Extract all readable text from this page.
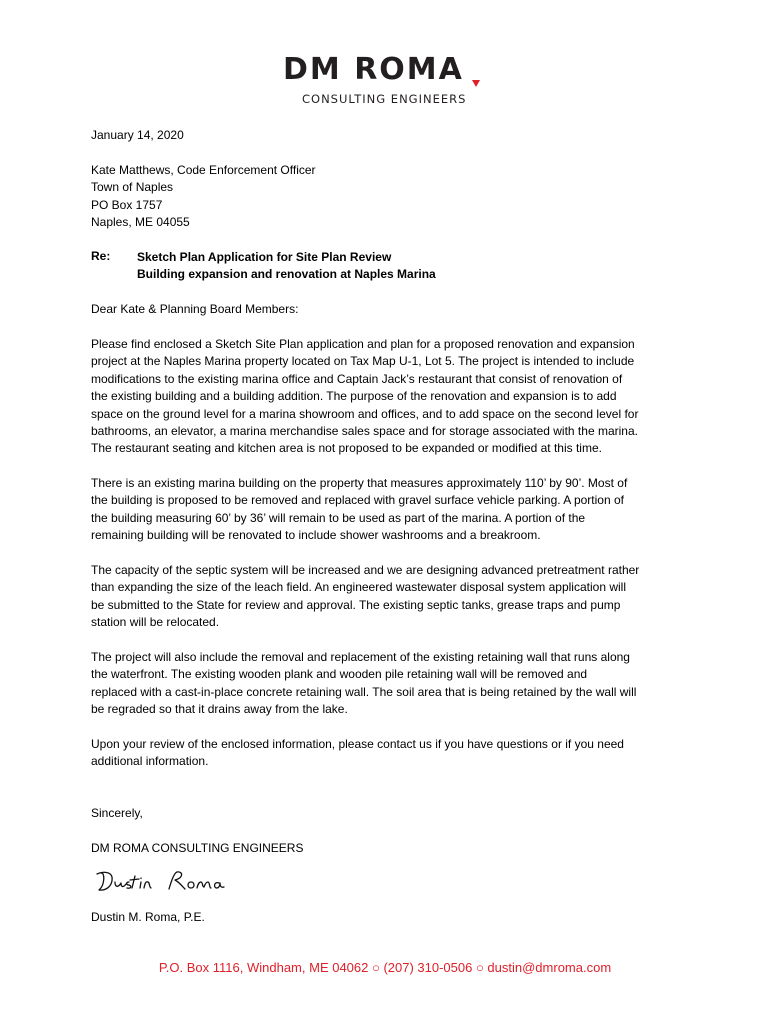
DM ROMA
CONSULTING ENGINEERS
January 14, 2020
Kate Matthews, Code Enforcement Officer
Town of Naples
PO Box 1757
Naples, ME 04055
Re: Sketch Plan Application for Site Plan Review
Building expansion and renovation at Naples Marina
Dear Kate & Planning Board Members:
Please find enclosed a Sketch Site Plan application and plan for a proposed renovation and expansion
project at the Naples Marina property located on Tax Map U-1, Lot 5. The project is intended to include
modifications to the existing marina office and Captain Jack’s restaurant that consist of renovation of
the existing building and a building addition. The purpose of the renovation and expansion is to add
space on the ground level for a marina showroom and offices, and to add space on the second level for
bathrooms, an elevator, a marina merchandise sales space and for storage associated with the marina.
The restaurant seating and kitchen area is not proposed to be expanded or modified at this time.
There is an existing marina building on the property that measures approximately 110’ by 90’. Most of
the building is proposed to be removed and replaced with gravel surface vehicle parking. A portion of
the building measuring 60’ by 36’ will remain to be used as part of the marina. A portion of the
remaining building will be renovated to include shower washrooms and a breakroom.
The capacity of the septic system will be increased and we are designing advanced pretreatment rather
than expanding the size of the leach field. An engineered wastewater disposal system application will
be submitted to the State for review and approval. The existing septic tanks, grease traps and pump
station will be relocated.
The project will also include the removal and replacement of the existing retaining wall that runs along
the waterfront. The existing wooden plank and wooden pile retaining wall will be removed and
replaced with a cast-in-place concrete retaining wall. The soil area that is being retained by the wall will
be regraded so that it drains away from the lake.
Upon your review of the enclosed information, please contact us if you have questions or if you need
additional information.
Sincerely,
DM ROMA CONSULTING ENGINEERS
Dustin M. Roma, P.E.
P.O. Box 1116, Windham, ME 04062 ○ (207) 310-0506 ○ dustin@dmroma.com
